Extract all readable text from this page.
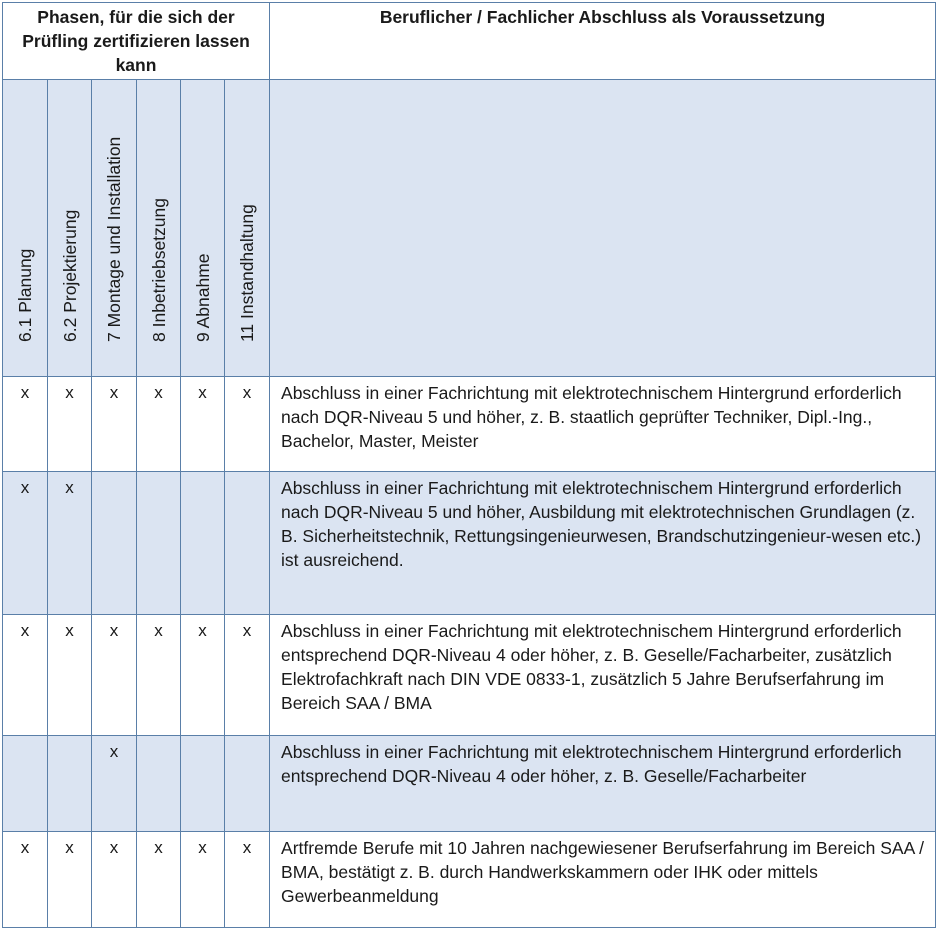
Phasen, für die sich der Prüfling zertifizieren lassen kann						Beruflicher / Fachlicher Abschluss als Voraussetzung

6.1 Planung	6.2 Projektierung	7 Montage und Installation	8 Inbetriebsetzung	9 Abnahme	11 Instandhaltung	

x	x	x	x	x	x	Abschluss in einer Fachrichtung mit elektrotechnischem Hintergrund erforderlich nach DQR-Niveau 5 und höher, z. B. staatlich geprüfter Techniker, Dipl.-Ing., Bachelor, Master, Meister
x	x					Abschluss in einer Fachrichtung mit elektrotechnischem Hintergrund erforderlich nach DQR-Niveau 5 und höher, Ausbildung mit elektrotechnischen Grundlagen (z. B. Sicherheitstechnik, Rettungsingenieurwesen, Brandschutzingenieur-wesen etc.) ist ausreichend.
x	x	x	x	x	x	Abschluss in einer Fachrichtung mit elektrotechnischem Hintergrund erforderlich entsprechend DQR-Niveau 4 oder höher, z. B. Geselle/Facharbeiter, zusätzlich Elektrofachkraft nach DIN VDE 0833-1, zusätzlich 5 Jahre Berufserfahrung im Bereich SAA / BMA
		x				Abschluss in einer Fachrichtung mit elektrotechnischem Hintergrund erforderlich entsprechend DQR-Niveau 4 oder höher, z. B. Geselle/Facharbeiter
x	x	x	x	x	x	Artfremde Berufe mit 10 Jahren nachgewiesener Berufserfahrung im Bereich SAA / BMA, bestätigt z. B. durch Handwerkskammern oder IHK oder mittels Gewerbeanmeldung
